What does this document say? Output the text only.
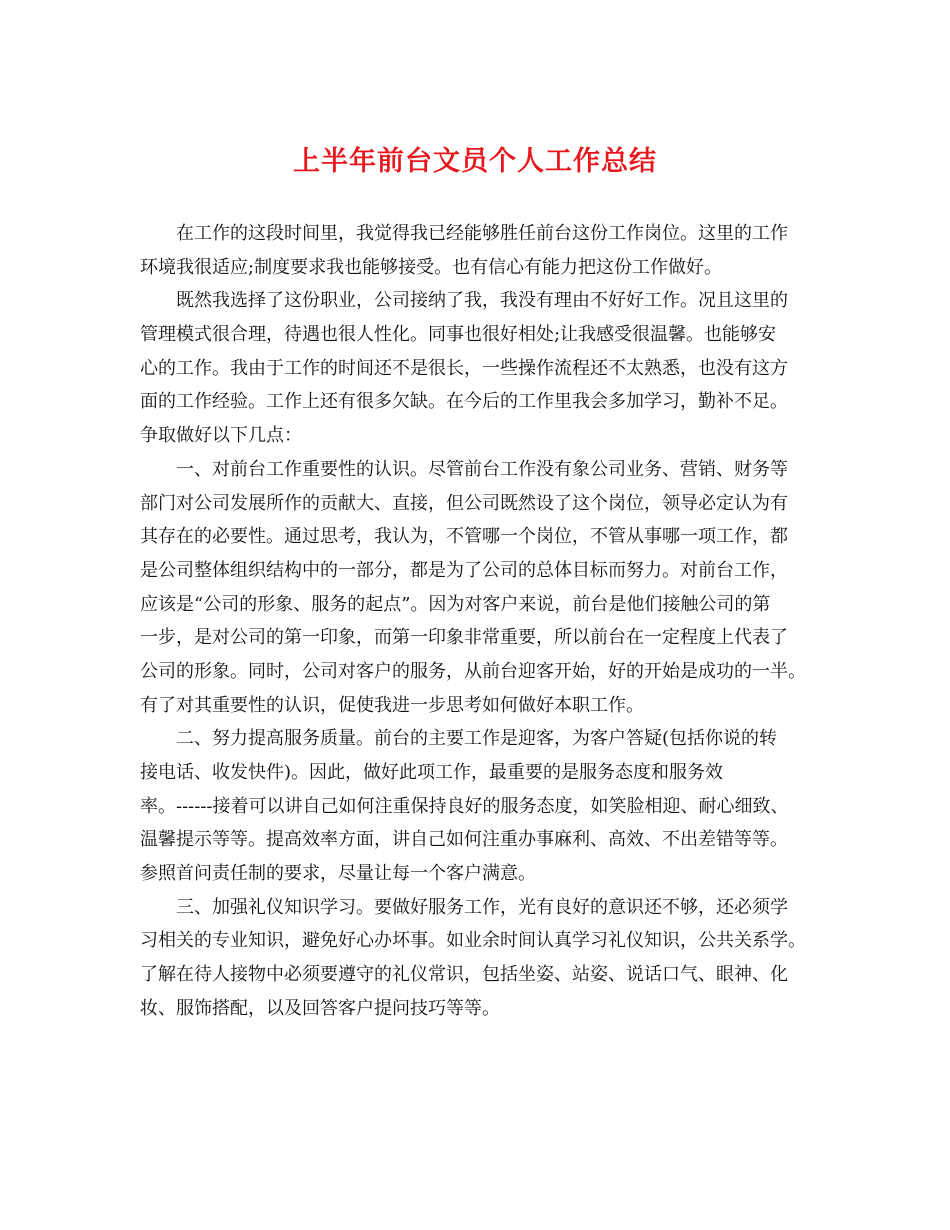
上半年前台文员个人工作总结
在工作的这段时间里，我觉得我已经能够胜任前台这份工作岗位。这里的工作
环境我很适应;制度要求我也能够接受。也有信心有能力把这份工作做好。
既然我选择了这份职业，公司接纳了我，我没有理由不好好工作。况且这里的
管理模式很合理，待遇也很人性化。同事也很好相处;让我感受很温馨。也能够安
心的工作。我由于工作的时间还不是很长，一些操作流程还不太熟悉，也没有这方
面的工作经验。工作上还有很多欠缺。在今后的工作里我会多加学习，勤补不足。
争取做好以下几点：
一、对前台工作重要性的认识。尽管前台工作没有象公司业务、营销、财务等
部门对公司发展所作的贡献大、直接，但公司既然设了这个岗位，领导必定认为有
其存在的必要性。通过思考，我认为，不管哪一个岗位，不管从事哪一项工作，都
是公司整体组织结构中的一部分，都是为了公司的总体目标而努力。对前台工作，
应该是“公司的形象、服务的起点”。因为对客户来说，前台是他们接触公司的第
一步，是对公司的第一印象，而第一印象非常重要，所以前台在一定程度上代表了
公司的形象。同时，公司对客户的服务，从前台迎客开始，好的开始是成功的一半。
有了对其重要性的认识，促使我进一步思考如何做好本职工作。
二、努力提高服务质量。前台的主要工作是迎客，为客户答疑(包括你说的转
接电话、收发快件)。因此，做好此项工作，最重要的是服务态度和服务效
率。------接着可以讲自己如何注重保持良好的服务态度，如笑脸相迎、耐心细致、
温馨提示等等。提高效率方面，讲自己如何注重办事麻利、高效、不出差错等等。
参照首问责任制的要求，尽量让每一个客户满意。
三、加强礼仪知识学习。要做好服务工作，光有良好的意识还不够，还必须学
习相关的专业知识，避免好心办坏事。如业余时间认真学习礼仪知识，公共关系学。
了解在待人接物中必须要遵守的礼仪常识，包括坐姿、站姿、说话口气、眼神、化
妆、服饰搭配，以及回答客户提问技巧等等。
